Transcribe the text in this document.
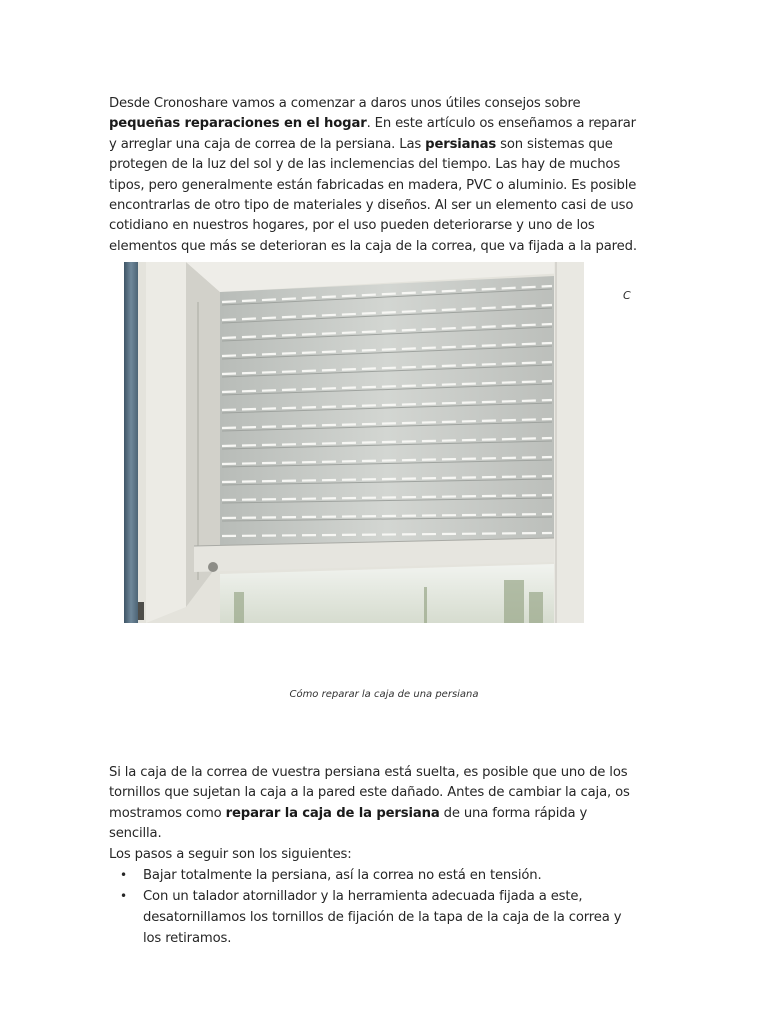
Desde Cronoshare vamos a comenzar a daros unos útiles consejos sobre pequeñas reparaciones en el hogar. En este artículo os enseñamos a reparar y arreglar una caja de correa de la persiana. Las persianas son sistemas que protegen de la luz del sol y de las inclemencias del tiempo. Las hay de muchos tipos, pero generalmente están fabricadas en madera, PVC o aluminio. Es posible encontrarlas de otro tipo de materiales y diseños. Al ser un elemento casi de uso cotidiano en nuestros hogares, por el uso pueden deteriorarse y uno de los elementos que más se deterioran es la caja de la correa, que va fijada a la pared.
C
Cómo reparar la caja de una persiana
Si la caja de la correa de vuestra persiana está suelta, es posible que uno de los tornillos que sujetan la caja a la pared este dañado. Antes de cambiar la caja, os mostramos como reparar la caja de la persiana de una forma rápida y sencilla.
Los pasos a seguir son los siguientes:
• Bajar totalmente la persiana, así la correa no está en tensión.
• Con un talador atornillador y la herramienta adecuada fijada a este, desatornillamos los tornillos de fijación de la tapa de la caja de la correa y los retiramos.
